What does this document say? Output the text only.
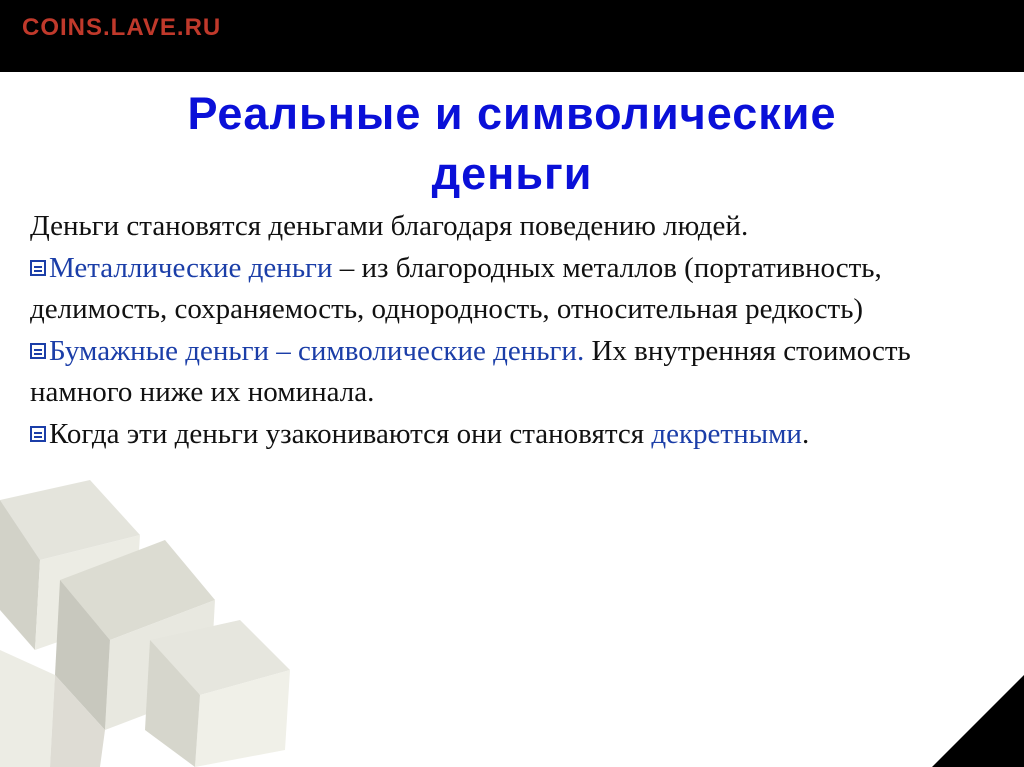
COINS.LAVE.RU
Реальные и символические
деньги

Деньги становятся деньгами благодаря поведению людей.

Металлические деньги – из благородных металлов (портативность, делимость, сохраняемость, однородность, относительная редкость)

Бумажные деньги – символические деньги. Их внутренняя стоимость намного ниже их номинала.

Когда эти деньги узакониваются они становятся декретными.
